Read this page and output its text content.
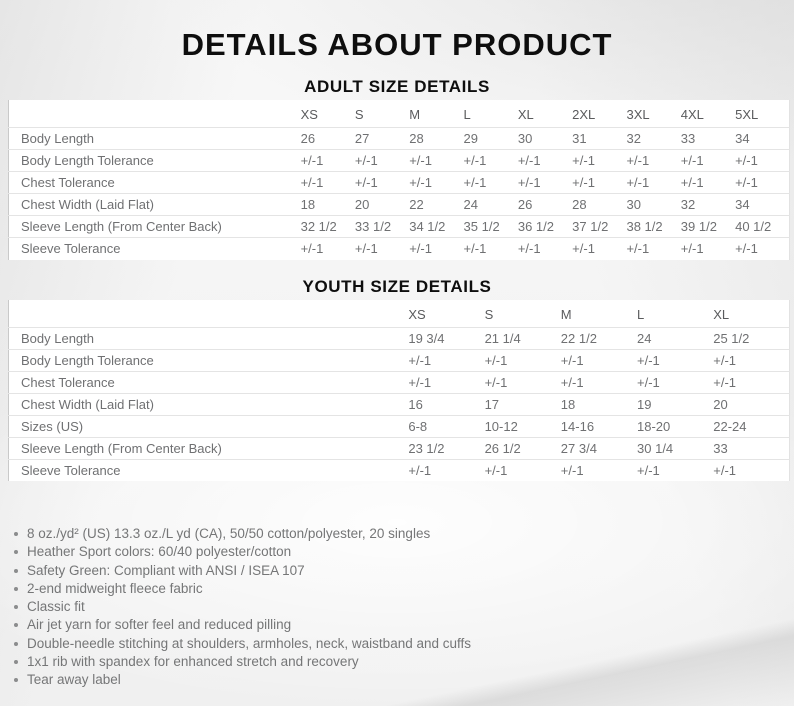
DETAILS ABOUT PRODUCT
ADULT SIZE DETAILS
	XS	S	M	L	XL	2XL	3XL	4XL	5XL
Body Length	26	27	28	29	30	31	32	33	34
Body Length Tolerance	+/-1	+/-1	+/-1	+/-1	+/-1	+/-1	+/-1	+/-1	+/-1
Chest Tolerance	+/-1	+/-1	+/-1	+/-1	+/-1	+/-1	+/-1	+/-1	+/-1
Chest Width (Laid Flat)	18	20	22	24	26	28	30	32	34
Sleeve Length (From Center Back)	32 1/2	33 1/2	34 1/2	35 1/2	36 1/2	37 1/2	38 1/2	39 1/2	40 1/2
Sleeve Tolerance	+/-1	+/-1	+/-1	+/-1	+/-1	+/-1	+/-1	+/-1	+/-1
YOUTH SIZE DETAILS
	XS	S	M	L	XL
Body Length	19 3/4	21 1/4	22 1/2	24	25 1/2
Body Length Tolerance	+/-1	+/-1	+/-1	+/-1	+/-1
Chest Tolerance	+/-1	+/-1	+/-1	+/-1	+/-1
Chest Width (Laid Flat)	16	17	18	19	20
Sizes (US)	6-8	10-12	14-16	18-20	22-24
Sleeve Length (From Center Back)	23 1/2	26 1/2	27 3/4	30 1/4	33
Sleeve Tolerance	+/-1	+/-1	+/-1	+/-1	+/-1
8 oz./yd² (US) 13.3 oz./L yd (CA), 50/50 cotton/polyester, 20 singles
Heather Sport colors: 60/40 polyester/cotton
Safety Green: Compliant with ANSI / ISEA 107
2-end midweight fleece fabric
Classic fit
Air jet yarn for softer feel and reduced pilling
Double-needle stitching at shoulders, armholes, neck, waistband and cuffs
1x1 rib with spandex for enhanced stretch and recovery
Tear away label
